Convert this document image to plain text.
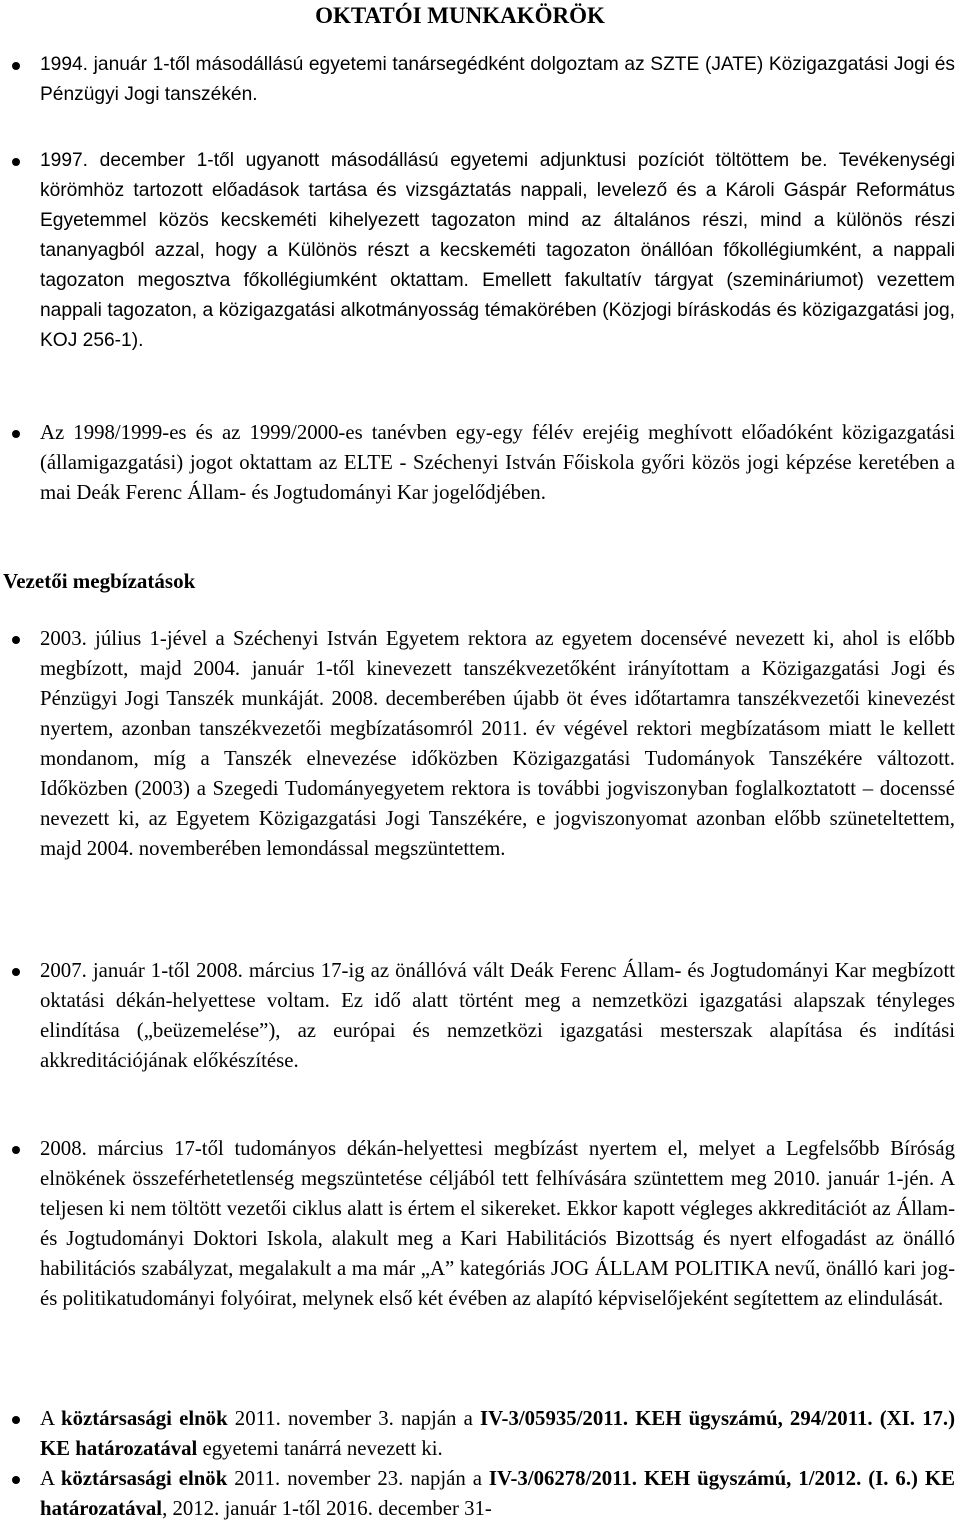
OKTATÓI MUNKAKÖRÖK

1994. január 1-től másodállású egyetemi tanársegédként dolgoztam az SZTE (JATE) Közigazgatási Jogi és Pénzügyi Jogi tanszékén.

1997. december 1-től ugyanott másodállású egyetemi adjunktusi pozíciót töltöttem be. Tevékenységi körömhöz tartozott előadások tartása és vizsgáztatás nappali, levelező és a Károli Gáspár Református Egyetemmel közös kecskeméti kihelyezett tagozaton mind az általános részi, mind a különös részi tananyagból azzal, hogy a Különös részt a kecskeméti tagozaton önállóan főkollégiumként, a nappali tagozaton megosztva főkollégiumként oktattam. Emellett fakultatív tárgyat (szemináriumot) vezettem nappali tagozaton, a közigazgatási alkotmányosság témakörében (Közjogi bíráskodás és közigazgatási jog, KOJ 256-1).

Az 1998/1999-es és az 1999/2000-es tanévben egy-egy félév erejéig meghívott előadóként közigazgatási (államigazgatási) jogot oktattam az ELTE - Széchenyi István Főiskola győri közös jogi képzése keretében a mai Deák Ferenc Állam- és Jogtudományi Kar jogelődjében.

Vezetői megbízatások

2003. július 1-jével a Széchenyi István Egyetem rektora az egyetem docensévé nevezett ki, ahol is előbb megbízott, majd 2004. január 1-től kinevezett tanszékvezetőként irányítottam a Közigazgatási Jogi és Pénzügyi Jogi Tanszék munkáját. 2008. decemberében újabb öt éves időtartamra tanszékvezetői kinevezést nyertem, azonban tanszékvezetői megbízatásomról 2011. év végével rektori megbízatásom miatt le kellett mondanom, míg a Tanszék elnevezése időközben Közigazgatási Tudományok Tanszékére változott. Időközben (2003) a Szegedi Tudományegyetem rektora is további jogviszonyban foglalkoztatott – docenssé nevezett ki, az Egyetem Közigazgatási Jogi Tanszékére, e jogviszonyomat azonban előbb szüneteltettem, majd 2004. novemberében lemondással megszüntettem.

2007. január 1-től 2008. március 17-ig az önállóvá vált Deák Ferenc Állam- és Jogtudományi Kar megbízott oktatási dékán-helyettese voltam. Ez idő alatt történt meg a nemzetközi igazgatási alapszak tényleges elindítása („beüzemelése”), az európai és nemzetközi igazgatási mesterszak alapítása és indítási akkreditációjának előkészítése.

2008. március 17-től tudományos dékán-helyettesi megbízást nyertem el, melyet a Legfelsőbb Bíróság elnökének összeférhetetlenség megszüntetése céljából tett felhívására szüntettem meg 2010. január 1-jén. A teljesen ki nem töltött vezetői ciklus alatt is értem el sikereket. Ekkor kapott végleges akkreditációt az Állam- és Jogtudományi Doktori Iskola, alakult meg a Kari Habilitációs Bizottság és nyert elfogadást az önálló habilitációs szabályzat, megalakult a ma már „A” kategóriás JOG ÁLLAM POLITIKA nevű, önálló kari jog- és politikatudományi folyóirat, melynek első két évében az alapító képviselőjeként segítettem az elindulását.

A köztársasági elnök 2011. november 3. napján a IV-3/05935/2011. KEH ügyszámú, 294/2011. (XI. 17.) KE határozatával egyetemi tanárrá nevezett ki.

A köztársasági elnök 2011. november 23. napján a IV-3/06278/2011. KEH ügyszámú, 1/2012. (I. 6.) KE határozatával, 2012. január 1-től 2016. december 31-
